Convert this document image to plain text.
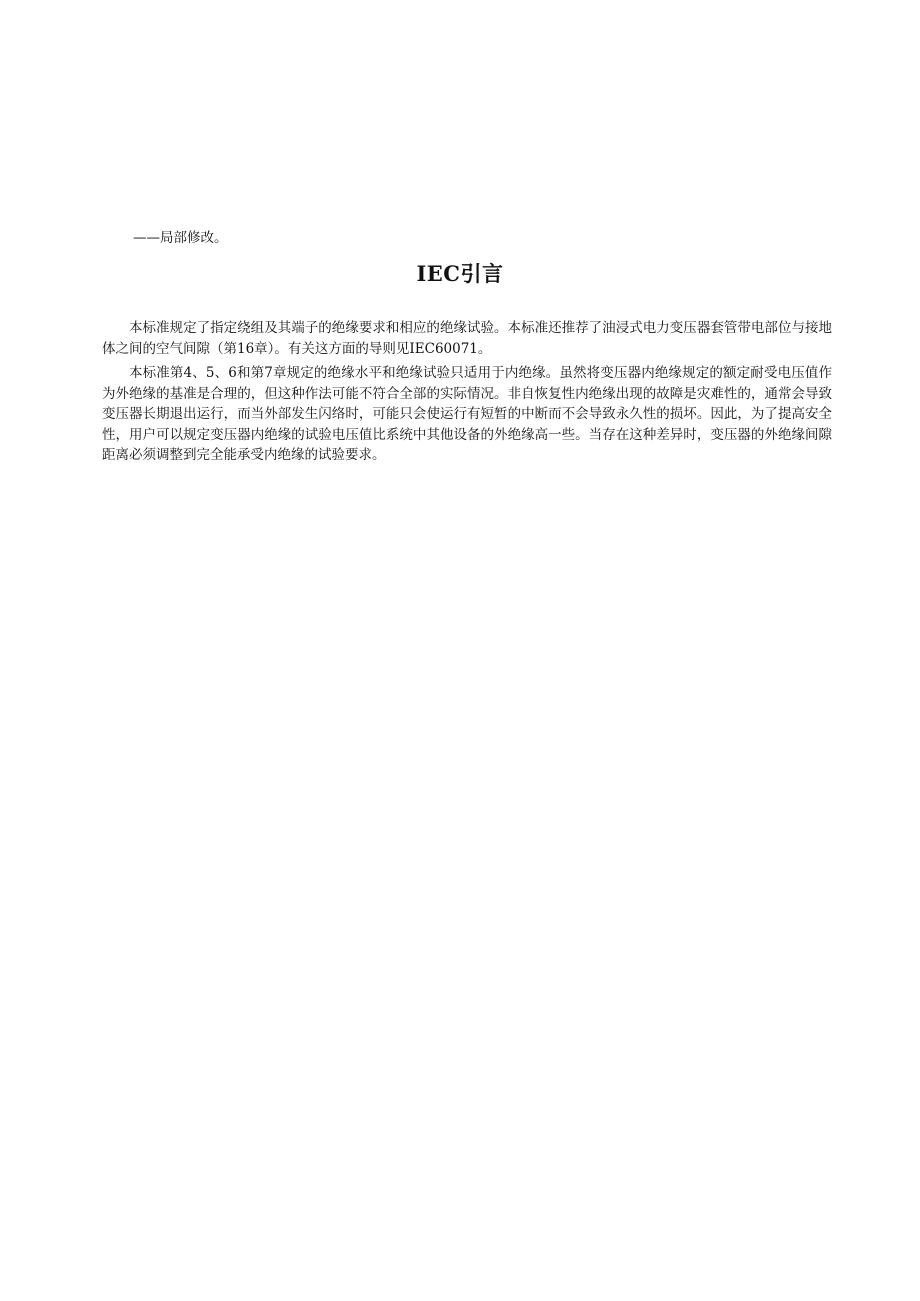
——局部修改。
IEC引言

本标准规定了指定绕组及其端子的绝缘要求和相应的绝缘试验。本标准还推荐了油浸式电力变压器套管带电部位与接地体之间的空气间隙（第16章）。有关这方面的导则见IEC60071。

本标准第4、5、6和第7章规定的绝缘水平和绝缘试验只适用于内绝缘。虽然将变压器内绝缘规定的额定耐受电压值作为外绝缘的基准是合理的，但这种作法可能不符合全部的实际情况。非自恢复性内绝缘出现的故障是灾难性的，通常会导致变压器长期退出运行，而当外部发生闪络时，可能只会使运行有短暂的中断而不会导致永久性的损坏。因此，为了提高安全性，用户可以规定变压器内绝缘的试验电压值比系统中其他设备的外绝缘高一些。当存在这种差异时，变压器的外绝缘间隙距离必须调整到完全能承受内绝缘的试验要求。
